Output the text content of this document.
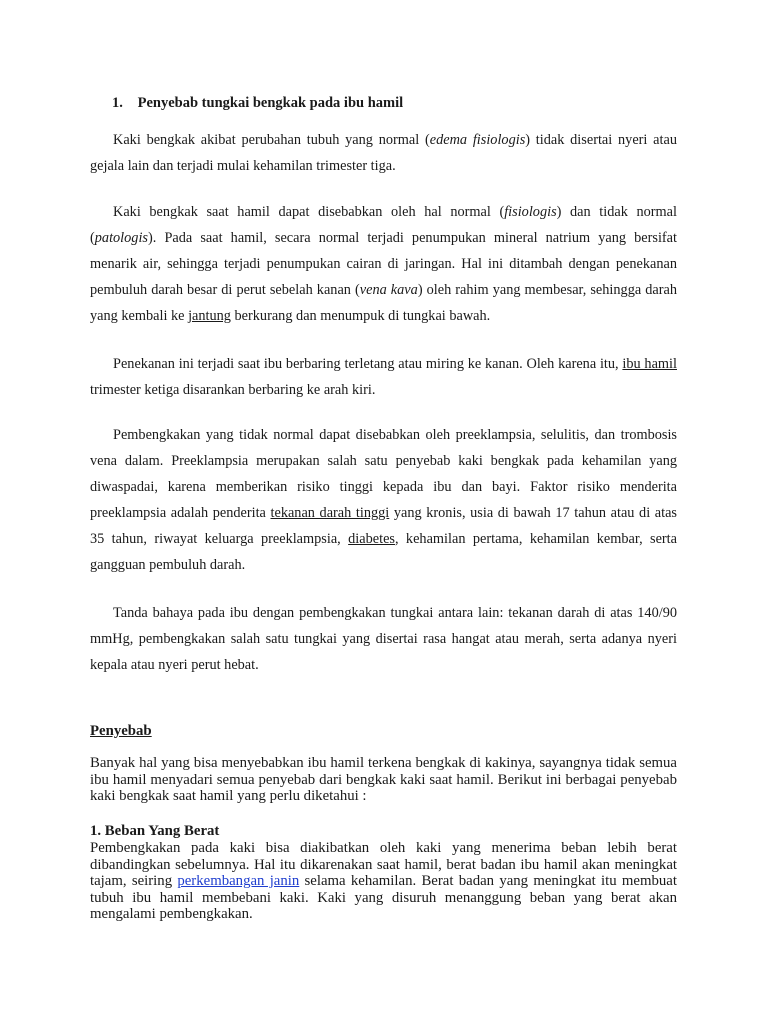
1. Penyebab tungkai bengkak pada ibu hamil

Kaki bengkak akibat perubahan tubuh yang normal (edema fisiologis) tidak disertai nyeri atau gejala lain dan terjadi mulai kehamilan trimester tiga.

Kaki bengkak saat hamil dapat disebabkan oleh hal normal (fisiologis) dan tidak normal (patologis). Pada saat hamil, secara normal terjadi penumpukan mineral natrium yang bersifat menarik air, sehingga terjadi penumpukan cairan di jaringan. Hal ini ditambah dengan penekanan pembuluh darah besar di perut sebelah kanan (vena kava) oleh rahim yang membesar, sehingga darah yang kembali ke jantung berkurang dan menumpuk di tungkai bawah.

Penekanan ini terjadi saat ibu berbaring terletang atau miring ke kanan. Oleh karena itu, ibu hamil trimester ketiga disarankan berbaring ke arah kiri.

Pembengkakan yang tidak normal dapat disebabkan oleh preeklampsia, selulitis, dan trombosis vena dalam. Preeklampsia merupakan salah satu penyebab kaki bengkak pada kehamilan yang diwaspadai, karena memberikan risiko tinggi kepada ibu dan bayi. Faktor risiko menderita preeklampsia adalah penderita tekanan darah tinggi yang kronis, usia di bawah 17 tahun atau di atas 35 tahun, riwayat keluarga preeklampsia, diabetes, kehamilan pertama, kehamilan kembar, serta gangguan pembuluh darah.

Tanda bahaya pada ibu dengan pembengkakan tungkai antara lain: tekanan darah di atas 140/90 mmHg, pembengkakan salah satu tungkai yang disertai rasa hangat atau merah, serta adanya nyeri kepala atau nyeri perut hebat.

Penyebab

Banyak hal yang bisa menyebabkan ibu hamil terkena bengkak di kakinya, sayangnya tidak semua ibu hamil menyadari semua penyebab dari bengkak kaki saat hamil. Berikut ini berbagai penyebab kaki bengkak saat hamil yang perlu diketahui :

1. Beban Yang Berat

Pembengkakan pada kaki bisa diakibatkan oleh kaki yang menerima beban lebih berat dibandingkan sebelumnya. Hal itu dikarenakan saat hamil, berat badan ibu hamil akan meningkat tajam, seiring perkembangan janin selama kehamilan. Berat badan yang meningkat itu membuat tubuh ibu hamil membebani kaki. Kaki yang disuruh menanggung beban yang berat akan mengalami pembengkakan.
